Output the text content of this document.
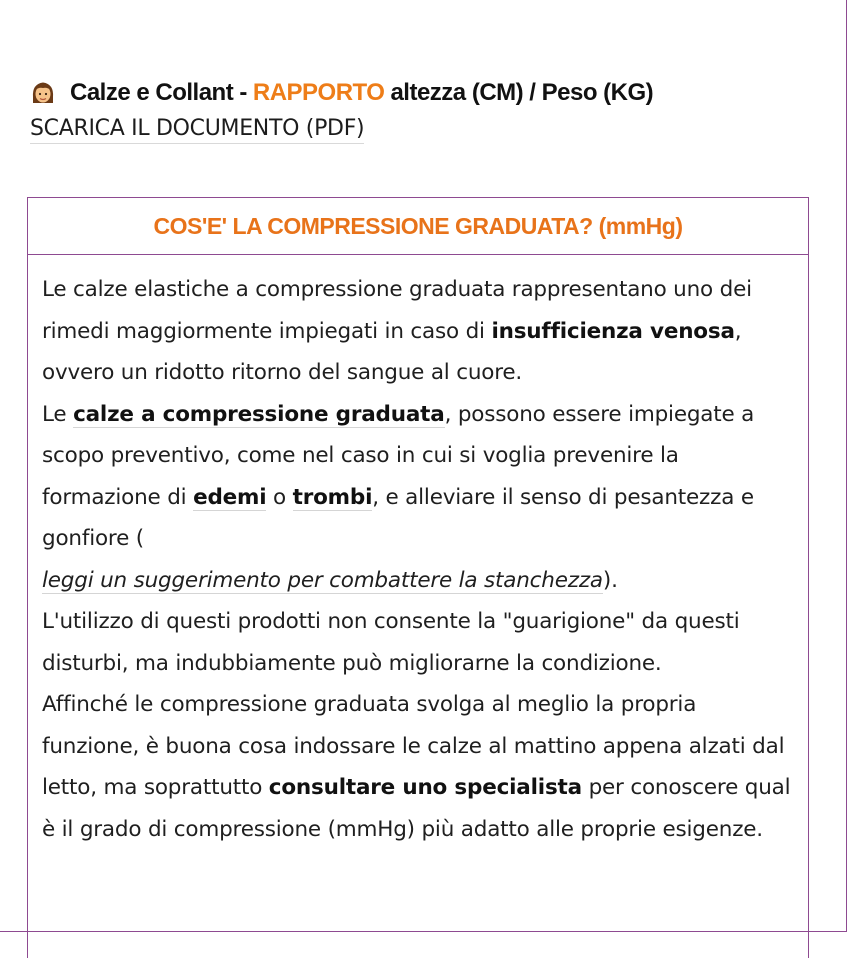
Calze e Collant - RAPPORTO altezza (CM) / Peso (KG)
SCARICA IL DOCUMENTO (PDF)
COS'E' LA COMPRESSIONE GRADUATA? (mmHg)

Le calze elastiche a compressione graduata rappresentano uno dei rimedi maggiormente impiegati in caso di insufficienza venosa, ovvero un ridotto ritorno del sangue al cuore.

Le calze a compressione graduata, possono essere impiegate a scopo preventivo, come nel caso in cui si voglia prevenire la formazione di edemi o trombi, e alleviare il senso di pesantezza e gonfiore (
leggi un suggerimento per combattere la stanchezza).

L'utilizzo di questi prodotti non consente la "guarigione" da questi disturbi, ma indubbiamente può migliorarne la condizione.

Affinché le compressione graduata svolga al meglio la propria funzione, è buona cosa indossare le calze al mattino appena alzati dal letto, ma soprattutto consultare uno specialista per conoscere qual è il grado di compressione (mmHg) più adatto alle proprie esigenze.
